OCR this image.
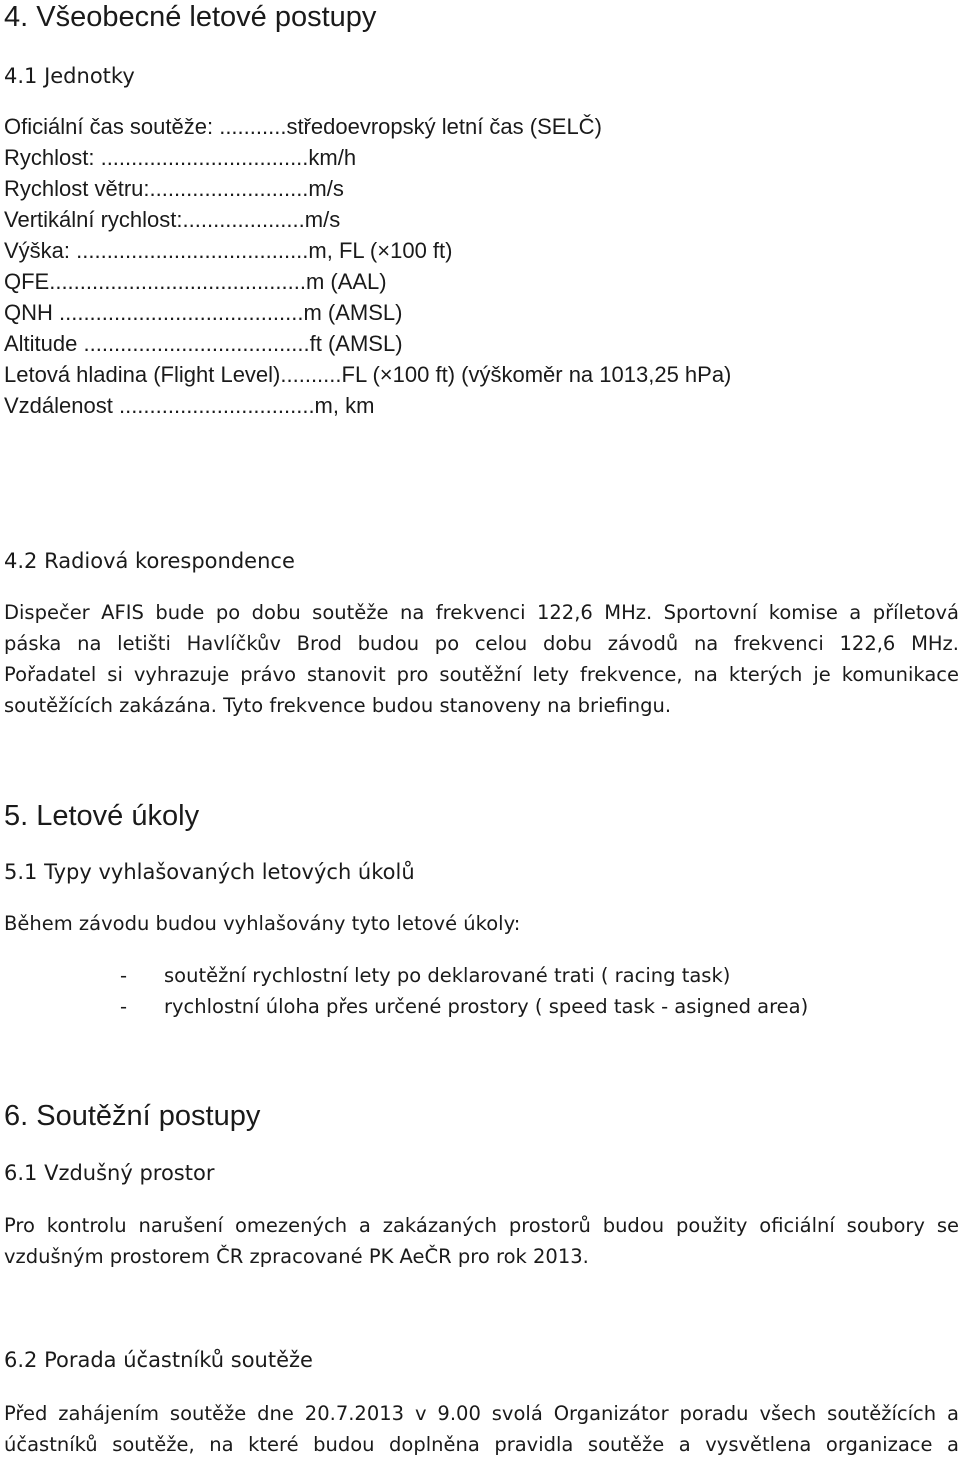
4. Všeobecné letové postupy
4.1 Jednotky
Oficiální čas soutěže: ...........středoevropský letní čas (SELČ)
Rychlost: ..................................km/h
Rychlost větru:..........................m/s
Vertikální rychlost:....................m/s
Výška: ......................................m, FL (×100 ft)
QFE..........................................m (AAL)
QNH ........................................m (AMSL)
Altitude .....................................ft (AMSL)
Letová hladina (Flight Level)..........FL (×100 ft) (výškoměr na 1013,25 hPa)
Vzdálenost ................................m, km
4.2 Radiová korespondence
Dispečer AFIS bude po dobu soutěže na frekvenci 122,6 MHz. Sportovní komise a příletová
páska na letišti Havlíčkův Brod budou po celou dobu závodů na frekvenci 122,6 MHz.
Pořadatel si vyhrazuje právo stanovit pro soutěžní lety frekvence, na kterých je komunikace
soutěžících zakázána. Tyto frekvence budou stanoveny na briefingu.
5. Letové úkoly
5.1 Typy vyhlašovaných letových úkolů
Během závodu budou vyhlašovány tyto letové úkoly:
- soutěžní rychlostní lety po deklarované trati ( racing task)
- rychlostní úloha přes určené prostory ( speed task - asigned area)
6. Soutěžní postupy
6.1 Vzdušný prostor
Pro kontrolu narušení omezených a zakázaných prostorů budou použity oficiální soubory se
vzdušným prostorem ČR zpracované PK AeČR pro rok 2013.
6.2 Porada účastníků soutěže
Před zahájením soutěže dne 20.7.2013 v 9.00 svolá Organizátor poradu všech soutěžících a
účastníků soutěže, na které budou doplněna pravidla soutěže a vysvětlena organizace a
